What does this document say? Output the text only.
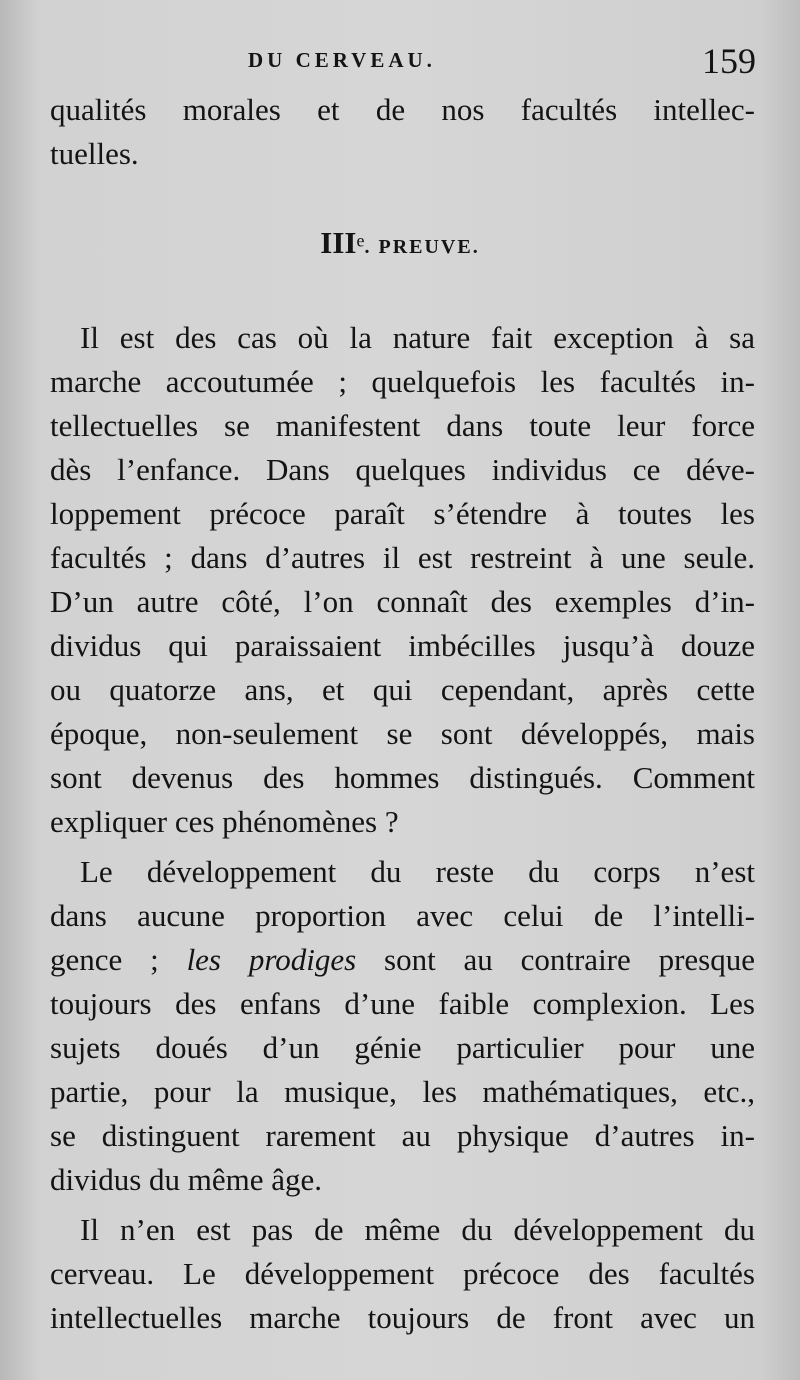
DU CERVEAU.	159
qualités morales et de nos facultés intellec-
tuelles.
IIIe. PREUVE.
Il est des cas où la nature fait exception à sa
marche accoutumée ; quelquefois les facultés in-
tellectuelles se manifestent dans toute leur force
dès l’enfance. Dans quelques individus ce déve-
loppement précoce paraît s’étendre à toutes les
facultés ; dans d’autres il est restreint à une seule.
D’un autre côté, l’on connaît des exemples d’in-
dividus qui paraissaient imbécilles jusqu’à douze
ou quatorze ans, et qui cependant, après cette
époque, non-seulement se sont développés, mais
sont devenus des hommes distingués. Comment
expliquer ces phénomènes ?
Le développement du reste du corps n’est
dans aucune proportion avec celui de l’intelli-
gence ; les prodiges sont au contraire presque
toujours des enfans d’une faible complexion. Les
sujets doués d’un génie particulier pour une
partie, pour la musique, les mathématiques, etc.,
se distinguent rarement au physique d’autres in-
dividus du même âge.
Il n’en est pas de même du développement du
cerveau. Le développement précoce des facultés
intellectuelles marche toujours de front avec un
